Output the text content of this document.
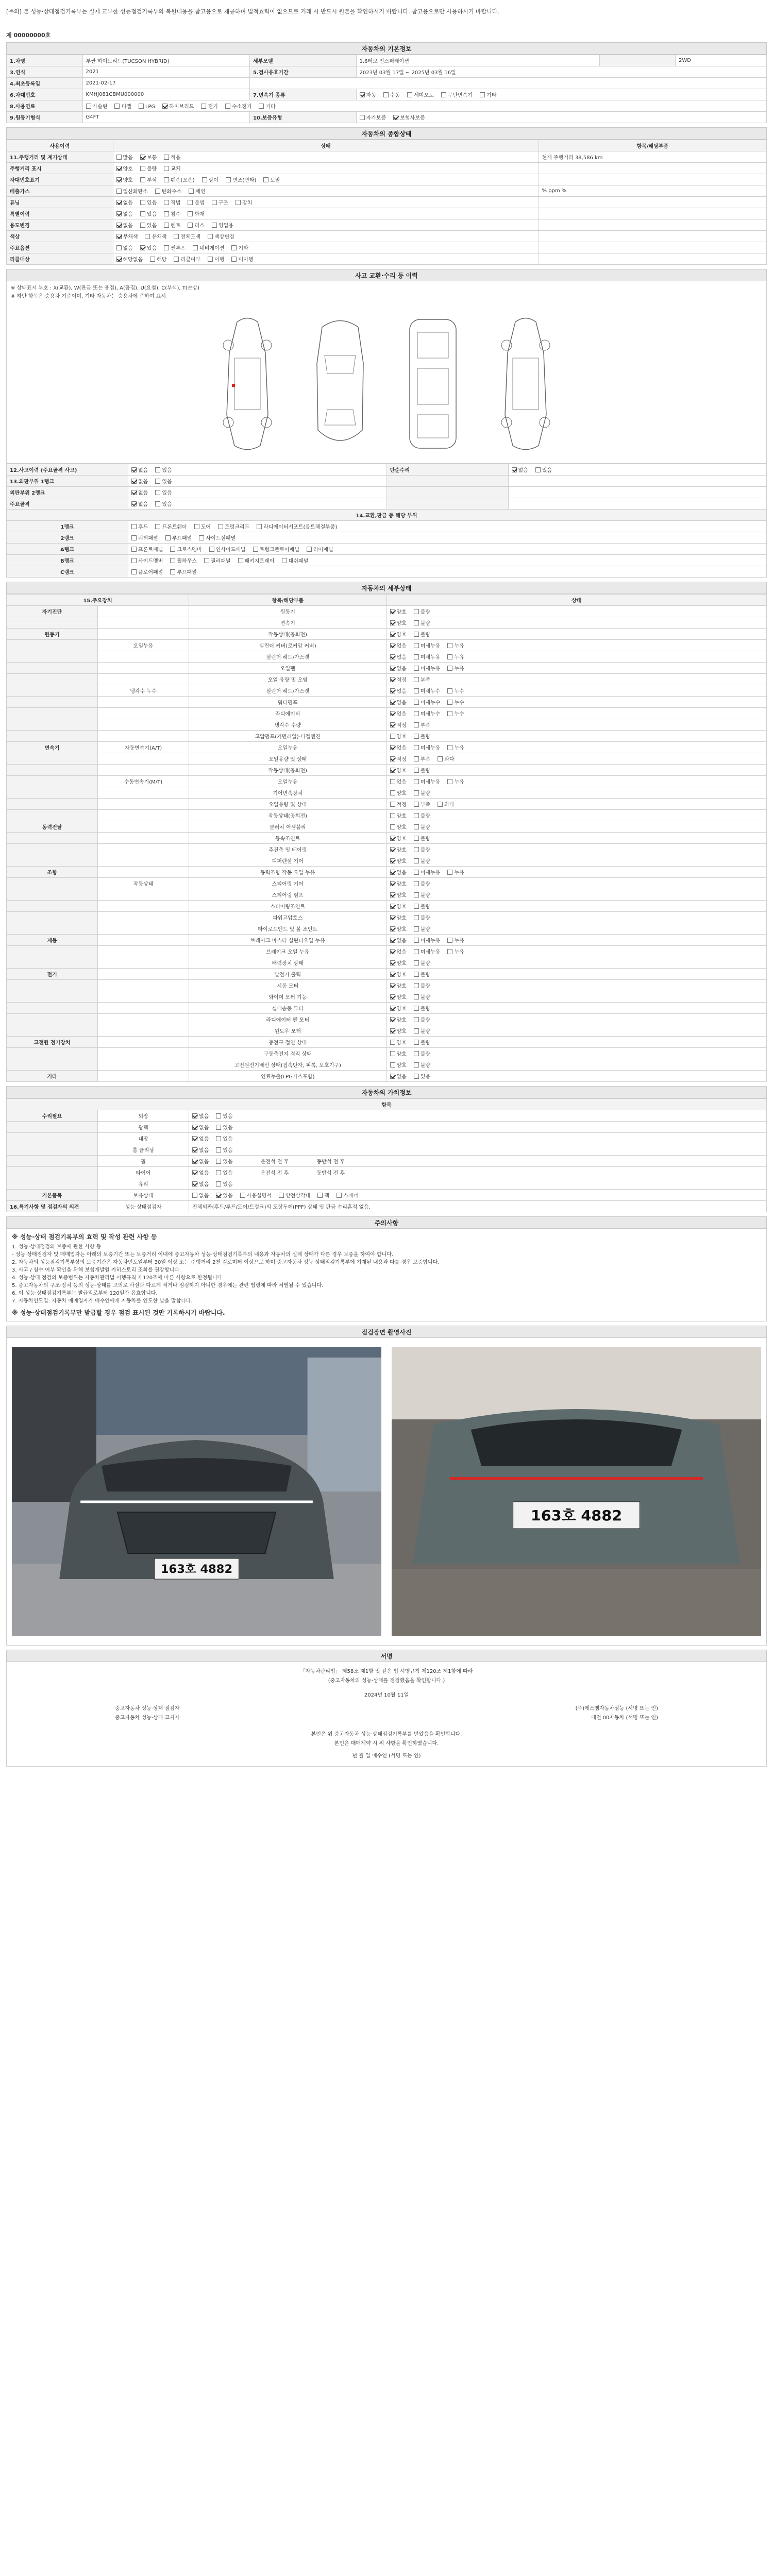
[주의] 본 성능·상태점검기록부는 실제 교부한 성능점검기록부의 복원내용을 참고용으로 제공하며 법적효력이 없으므로 거래 시 반드시 원본을 확인하시기 바랍니다. 참고용으로만 사용하시기 바랍니다.
제 00000000호
자동차의 기본정보
1.차명	투싼 하이브리드(TUCSON HYBRID)	세부모델	1.6터보 인스퍼레이션		2WD
3.연식	2021	5.검사유효기간	2023년 03월 17일 ~ 2025년 03월 16일		
4.최초등록일	2021-02-17				
6.차대번호	KMHJ081CBMU000000	7.변속기 종류	자동 수동 세미오토 무단변속기 기타		
8.사용연료	가솔린 디젤 LPG 하이브리드 전기 수소전기 기타				
9.원동기형식	G4FT	10.보증유형	자가보증 보험사보증		
자동차의 종합상태
사용이력	상태	항목/해당부품
11.주행거리 및 계기상태	많음 보통 적음	현재 주행거리 38,586 km
주행거리 표시	양호 불량 교체	
차대번호표기	양호 부식 훼손(오손) 상이 변조(변타) 도말	
배출가스	일산화탄소 탄화수소 매연	% ppm %
튜닝	없음 있음 적법 불법 구조 장치	
특별이력	없음 있음 침수 화재	
용도변경	없음 있음 렌트 리스 영업용	
색상	무채색 유채색 전체도색 색상변경	
주요옵션	없음 있음 썬루프 네비게이션 기타	
리콜대상	해당없음 해당 리콜여부 이행 미이행	
사고 교환·수리 등 이력
※ 상태표시 부호 : X(교환), W(판금 또는 용접), A(흠집), U(요철), C(부식), T(손상)
※ 하단 항목은 승용차 기준이며, 기타 자동차는 승용차에 준하여 표시
12.사고이력 (주요골격 사고)	없음 있음	단순수리	없음 있음
13.외판부위 1랭크	없음 있음		
외판부위 2랭크	없음 있음		
주요골격	없음 있음		
14.교환,판금 등 해당 부위			
1랭크	후드 프론트휀더 도어 트렁크리드 라디에이터서포트(볼트체결부품)		
2랭크	쿼터패널 루프패널 사이드실패널		
A랭크	프론트패널 크로스멤버 인사이드패널 트렁크플로어패널 리어패널		
B랭크	사이드멤버 휠하우스 필러패널 패키지트레이 대쉬패널		
C랭크	플로어패널 루프패널		
자동차의 세부상태
15.주요장치		항목/해당부품	상태
자기진단		원동기	양호 불량
		변속기	양호 불량
원동기		작동상태(공회전)	양호 불량
	오일누유	실린더 커버(로커암 커버)	없음 미세누유 누유
		실린더 헤드/가스켓	없음 미세누유 누유
		오일팬	없음 미세누유 누유
		오일 유량 및 오염	적정 부족
	냉각수 누수	실린더 헤드/가스켓	없음 미세누수 누수
		워터펌프	없음 미세누수 누수
		라디에이터	없음 미세누수 누수
		냉각수 수량	적정 부족
		고압펌프(커먼레일)-디젤엔진	양호 불량
변속기	자동변속기(A/T)	오일누유	없음 미세누유 누유
		오일유량 및 상태	적정 부족 과다
		작동상태(공회전)	양호 불량
	수동변속기(M/T)	오일누유	없음 미세누유 누유
		기어변속장치	양호 불량
		오일유량 및 상태	적정 부족 과다
		작동상태(공회전)	양호 불량
동력전달		클러치 어셈블리	양호 불량
		등속조인트	양호 불량
		추진축 및 베어링	양호 불량
		디퍼렌셜 기어	양호 불량
조향		동력조향 작동 오일 누유	없음 미세누유 누유
	작동상태	스티어링 기어	양호 불량
		스티어링 펌프	양호 불량
		스티어링조인트	양호 불량
		파워고압호스	양호 불량
		타이로드엔드 및 볼 조인트	양호 불량
제동		브레이크 마스터 실린더오일 누유	없음 미세누유 누유
		브레이크 오일 누유	없음 미세누유 누유
		배력장치 상태	양호 불량
전기		발전기 출력	양호 불량
		시동 모터	양호 불량
		와이퍼 모터 기능	양호 불량
		실내송풍 모터	양호 불량
		라디에이터 팬 모터	양호 불량
		윈도우 모터	양호 불량
고전원 전기장치		충전구 절연 상태	양호 불량
		구동축전지 격리 상태	양호 불량
		고전원전기배선 상태(접속단자, 피복, 보호기구)	양호 불량
기타		연료누출(LPG가스포함)	없음 있음
자동차의 가치정보
항목		
수리필요	외장	없음 있음
	광택	없음 있음
	내장	없음 있음
	룸 클리닝	없음 있음
	휠	없음 있음 운전석 전 후 동반석 전 후
	타이어	없음 있음 운전석 전 후 동반석 전 후
	유리	없음 있음
기본품목	보유상태	없음 있음 사용설명서 안전삼각대 잭 스패너
16.특기사항 및 점검자의 의견	성능·상태점검자	전체외판(후드/루프/도어/트렁크)의 도장두께(PPF) 상태 및 판금 수리흔적 없음.
주의사항
※ 성능·상태 점검기록부의 효력 및 작성 관련 사항 등
1. 성능·상태점검의 보증에 관한 사항 등
- 성능·상태점검자 및 매매업자는 아래의 보증기간 또는 보증거리 이내에 중고자동차 성능·상태점검기록부의 내용과 자동차의 실제 상태가 다른 경우 보증을 하여야 합니다.
2. 자동차의 성능점검기록부상의 보증기간은 자동차인도일부터 30일 이상 또는 주행거리 2천 킬로미터 이상으로 하며 중고자동차 성능·상태점검기록부에 기재된 내용과 다를 경우 보증합니다.
3. 사고 / 침수 여부 확인을 위해 보험개발원 카히스토리 조회를 권장합니다.
4. 성능·상태 점검의 보증범위는 자동차관리법 시행규칙 제120조에 따른 사항으로 한정됩니다.
5. 중고자동차의 구조·장치 등의 성능·상태를 고의로 사실과 다르게 적거나 점검하지 아니한 경우에는 관련 법령에 따라 처벌될 수 있습니다.
6. 이 성능·상태점검기록부는 발급일로부터 120일간 유효합니다.
7. 자동차인도일: 자동차 매매업자가 매수인에게 자동차를 인도한 날을 말합니다.
※ 성능·상태점검기록부만 발급할 경우 점검 표시된 것만 기록하시기 바랍니다.
점검장면 촬영사진
163호 4882
163호 4882
서명
「자동차관리법」 제58조 제1항 및 같은 법 시행규칙 제120조 제1항에 따라
(중고자동차의 성능·상태를 점검했음을 확인합니다.)
2024년 10월 11일
중고자동차 성능·상태 점검자	(주)에스엠자동차성능 (서명 또는 인)
중고자동차 성능·상태 고지자	대전 00자동차 (서명 또는 인)
본인은 위 중고자동차 성능·상태점검기록부를 받았음을 확인합니다.
본인은 매매계약 시 위 사항을 확인하였습니다.
년 월 일 매수인 (서명 또는 인)
